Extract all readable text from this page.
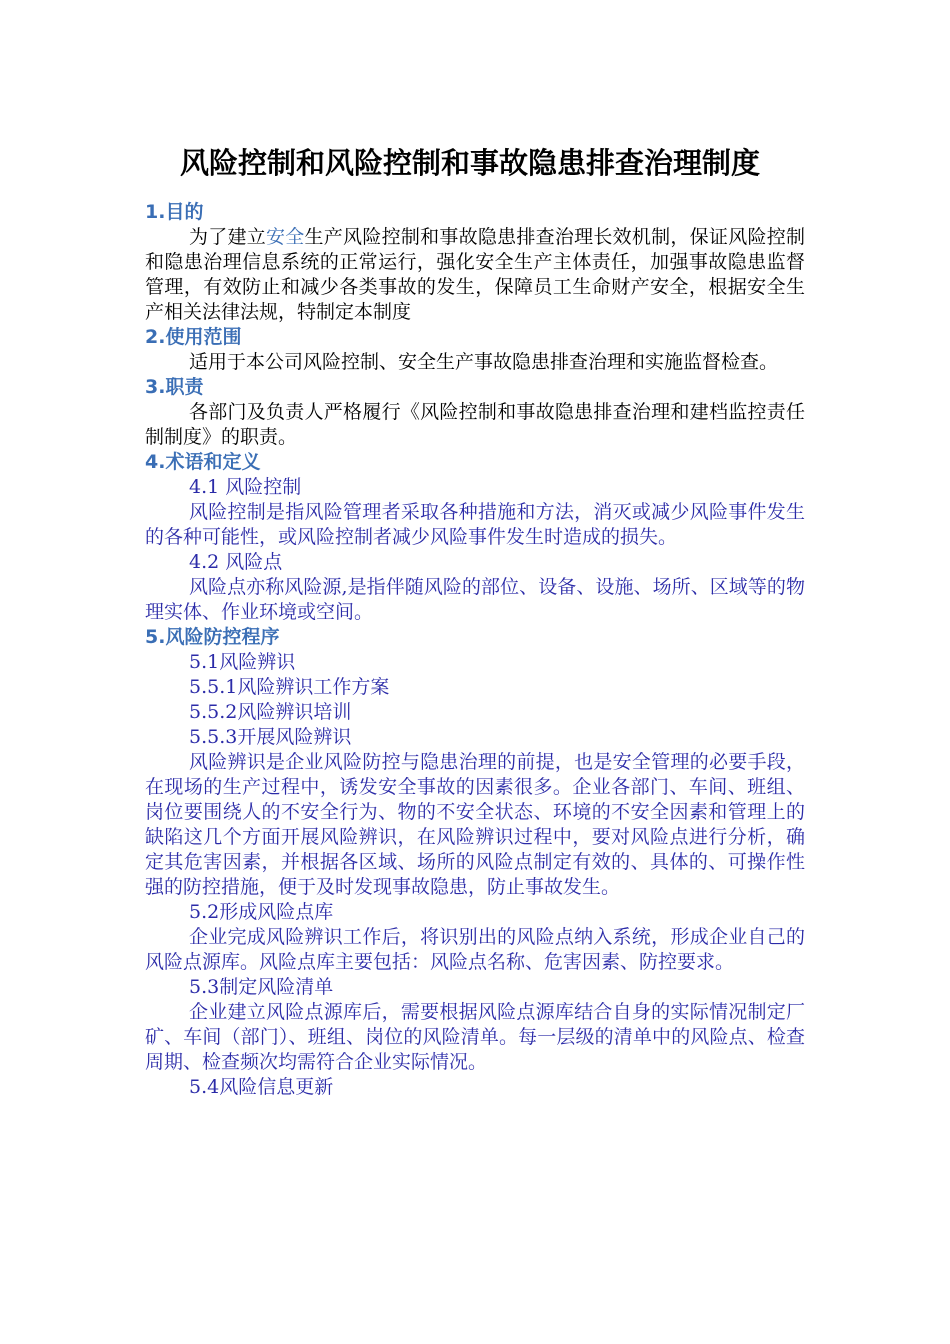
风险控制和风险控制和事故隐患排查治理制度
1.目的
为了建立安全生产风险控制和事故隐患排查治理长效机制，保证风险控制和隐患治理信息系统的正常运行，强化安全生产主体责任，加强事故隐患监督管理，有效防止和减少各类事故的发生，保障员工生命财产安全，根据安全生产相关法律法规，特制定本制度
2.使用范围
适用于本公司风险控制、安全生产事故隐患排查治理和实施监督检查。
3.职责
各部门及负责人严格履行《风险控制和事故隐患排查治理和建档监控责任制制度》的职责。
4.术语和定义
4.1 风险控制
风险控制是指风险管理者采取各种措施和方法，消灭或减少风险事件发生的各种可能性，或风险控制者减少风险事件发生时造成的损失。
4.2 风险点
风险点亦称风险源,是指伴随风险的部位、设备、设施、场所、区域等的物理实体、作业环境或空间。
5.风险防控程序
5.1风险辨识
5.5.1风险辨识工作方案
5.5.2风险辨识培训
5.5.3开展风险辨识
风险辨识是企业风险防控与隐患治理的前提，也是安全管理的必要手段，在现场的生产过程中，诱发安全事故的因素很多。企业各部门、车间、班组、岗位要围绕人的不安全行为、物的不安全状态、环境的不安全因素和管理上的缺陷这几个方面开展风险辨识，在风险辨识过程中，要对风险点进行分析，确定其危害因素，并根据各区域、场所的风险点制定有效的、具体的、可操作性强的防控措施，便于及时发现事故隐患，防止事故发生。
5.2形成风险点库
企业完成风险辨识工作后，将识别出的风险点纳入系统，形成企业自己的风险点源库。风险点库主要包括：风险点名称、危害因素、防控要求。
5.3制定风险清单
企业建立风险点源库后，需要根据风险点源库结合自身的实际情况制定厂矿、车间（部门）、班组、岗位的风险清单。每一层级的清单中的风险点、检查周期、检查频次均需符合企业实际情况。
5.4风险信息更新
